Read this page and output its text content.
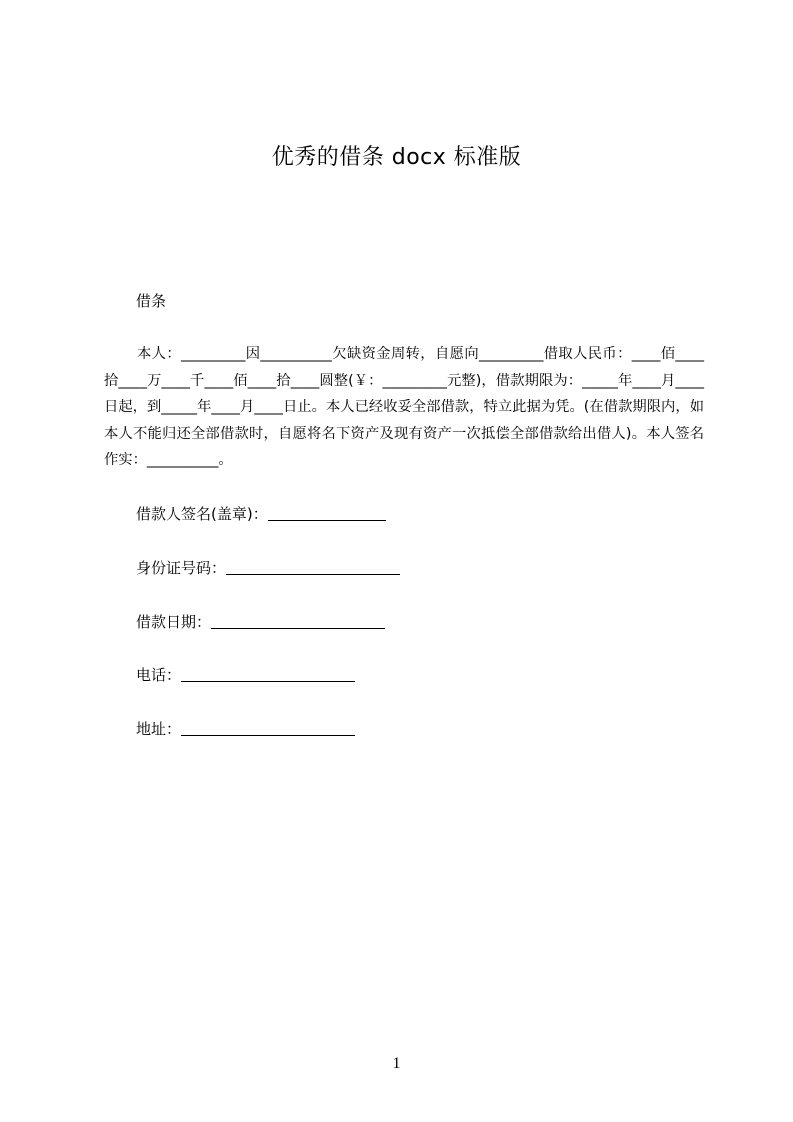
优秀的借条 docx 标准版
借条
本人：_________因__________欠缺资金周转，自愿向_________借取人民币：____佰____拾____万____千____佰____拾____圆整(￥：_________元整)，借款期限为：_____年____月____日起，到_____年____月____日止。本人已经收妥全部借款，特立此据为凭。(在借款期限内，如本人不能归还全部借款时，自愿将名下资产及现有资产一次抵偿全部借款给出借人)。本人签名作实：__________。
借款人签名(盖章)：
身份证号码：
借款日期：
电话：
地址：
1
